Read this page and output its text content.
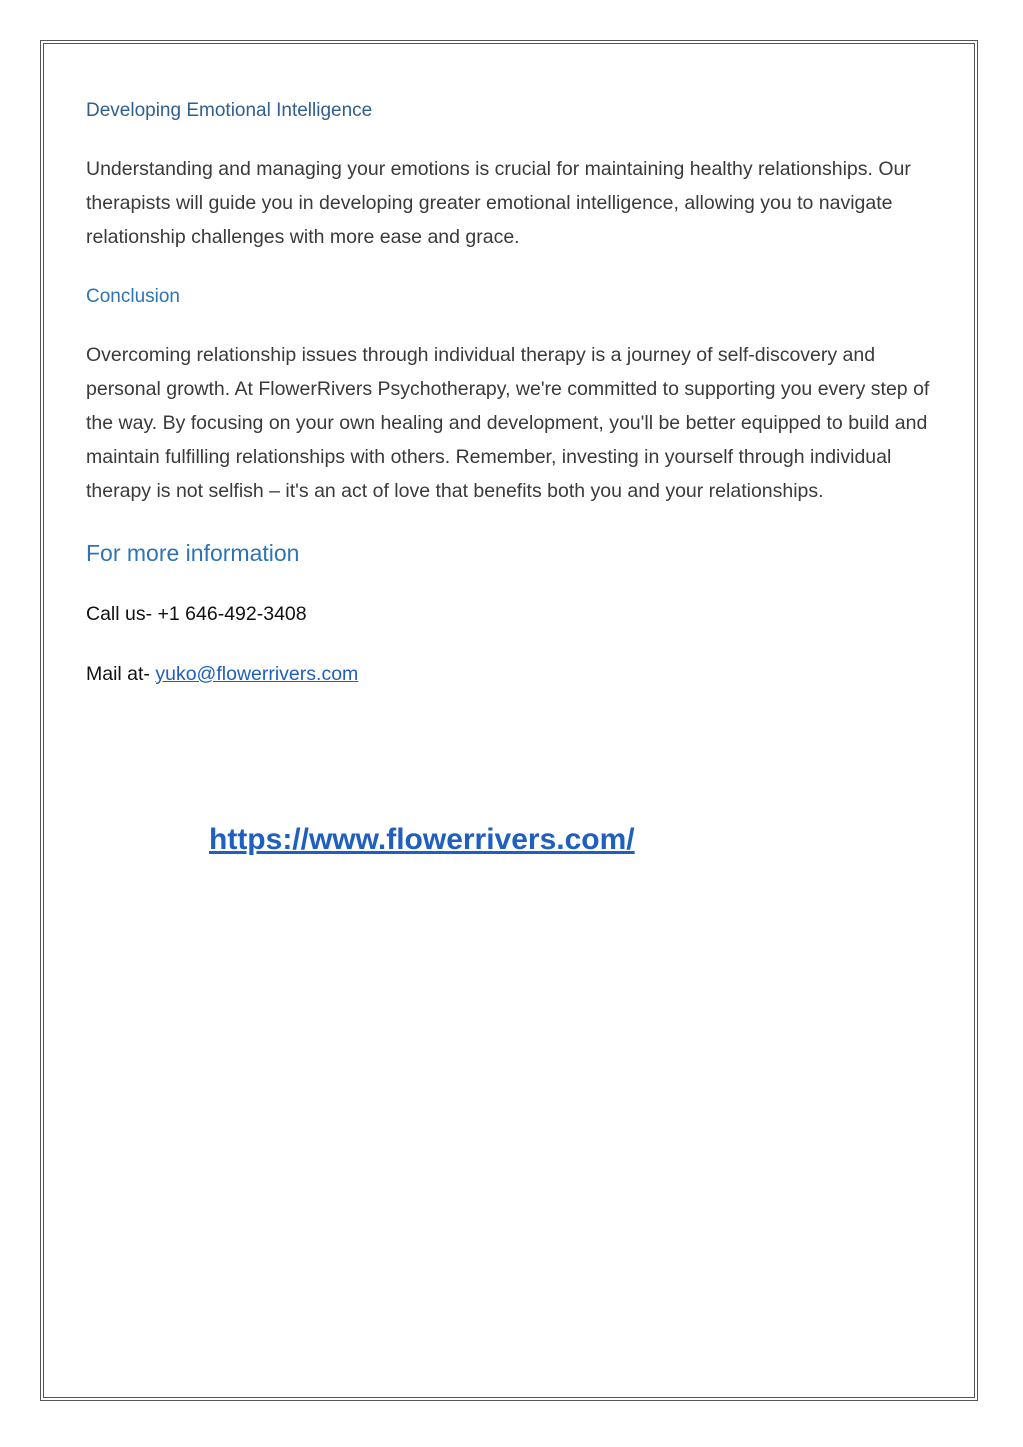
Developing Emotional Intelligence

Understanding and managing your emotions is crucial for maintaining healthy relationships. Our therapists will guide you in developing greater emotional intelligence, allowing you to navigate relationship challenges with more ease and grace.

Conclusion

Overcoming relationship issues through individual therapy is a journey of self-discovery and personal growth. At FlowerRivers Psychotherapy, we're committed to supporting you every step of the way. By focusing on your own healing and development, you'll be better equipped to build and maintain fulfilling relationships with others. Remember, investing in yourself through individual therapy is not selfish – it's an act of love that benefits both you and your relationships.

For more information

Call us- +1 646-492-3408

Mail at- yuko@flowerrivers.com

https://www.flowerrivers.com/
